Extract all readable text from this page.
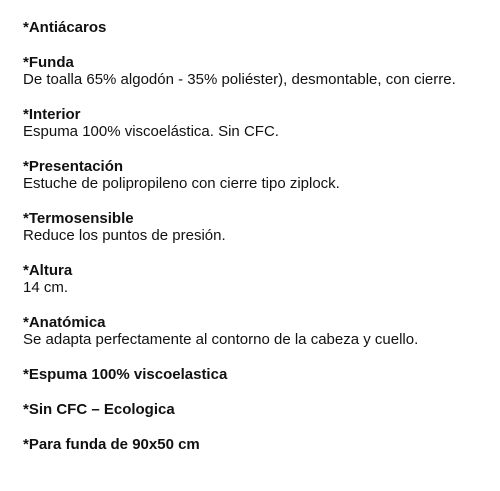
*Antiácaros

*Funda

De toalla 65% algodón - 35% poliéster), desmontable, con cierre.

*Interior

Espuma 100% viscoelástica. Sin CFC.

*Presentación

Estuche de polipropileno con cierre tipo ziplock.

*Termosensible

Reduce los puntos de presión.

*Altura

14 cm.

*Anatómica

Se adapta perfectamente al contorno de la cabeza y cuello.

*Espuma 100% viscoelastica

*Sin CFC – Ecologica

*Para funda de 90x50 cm
